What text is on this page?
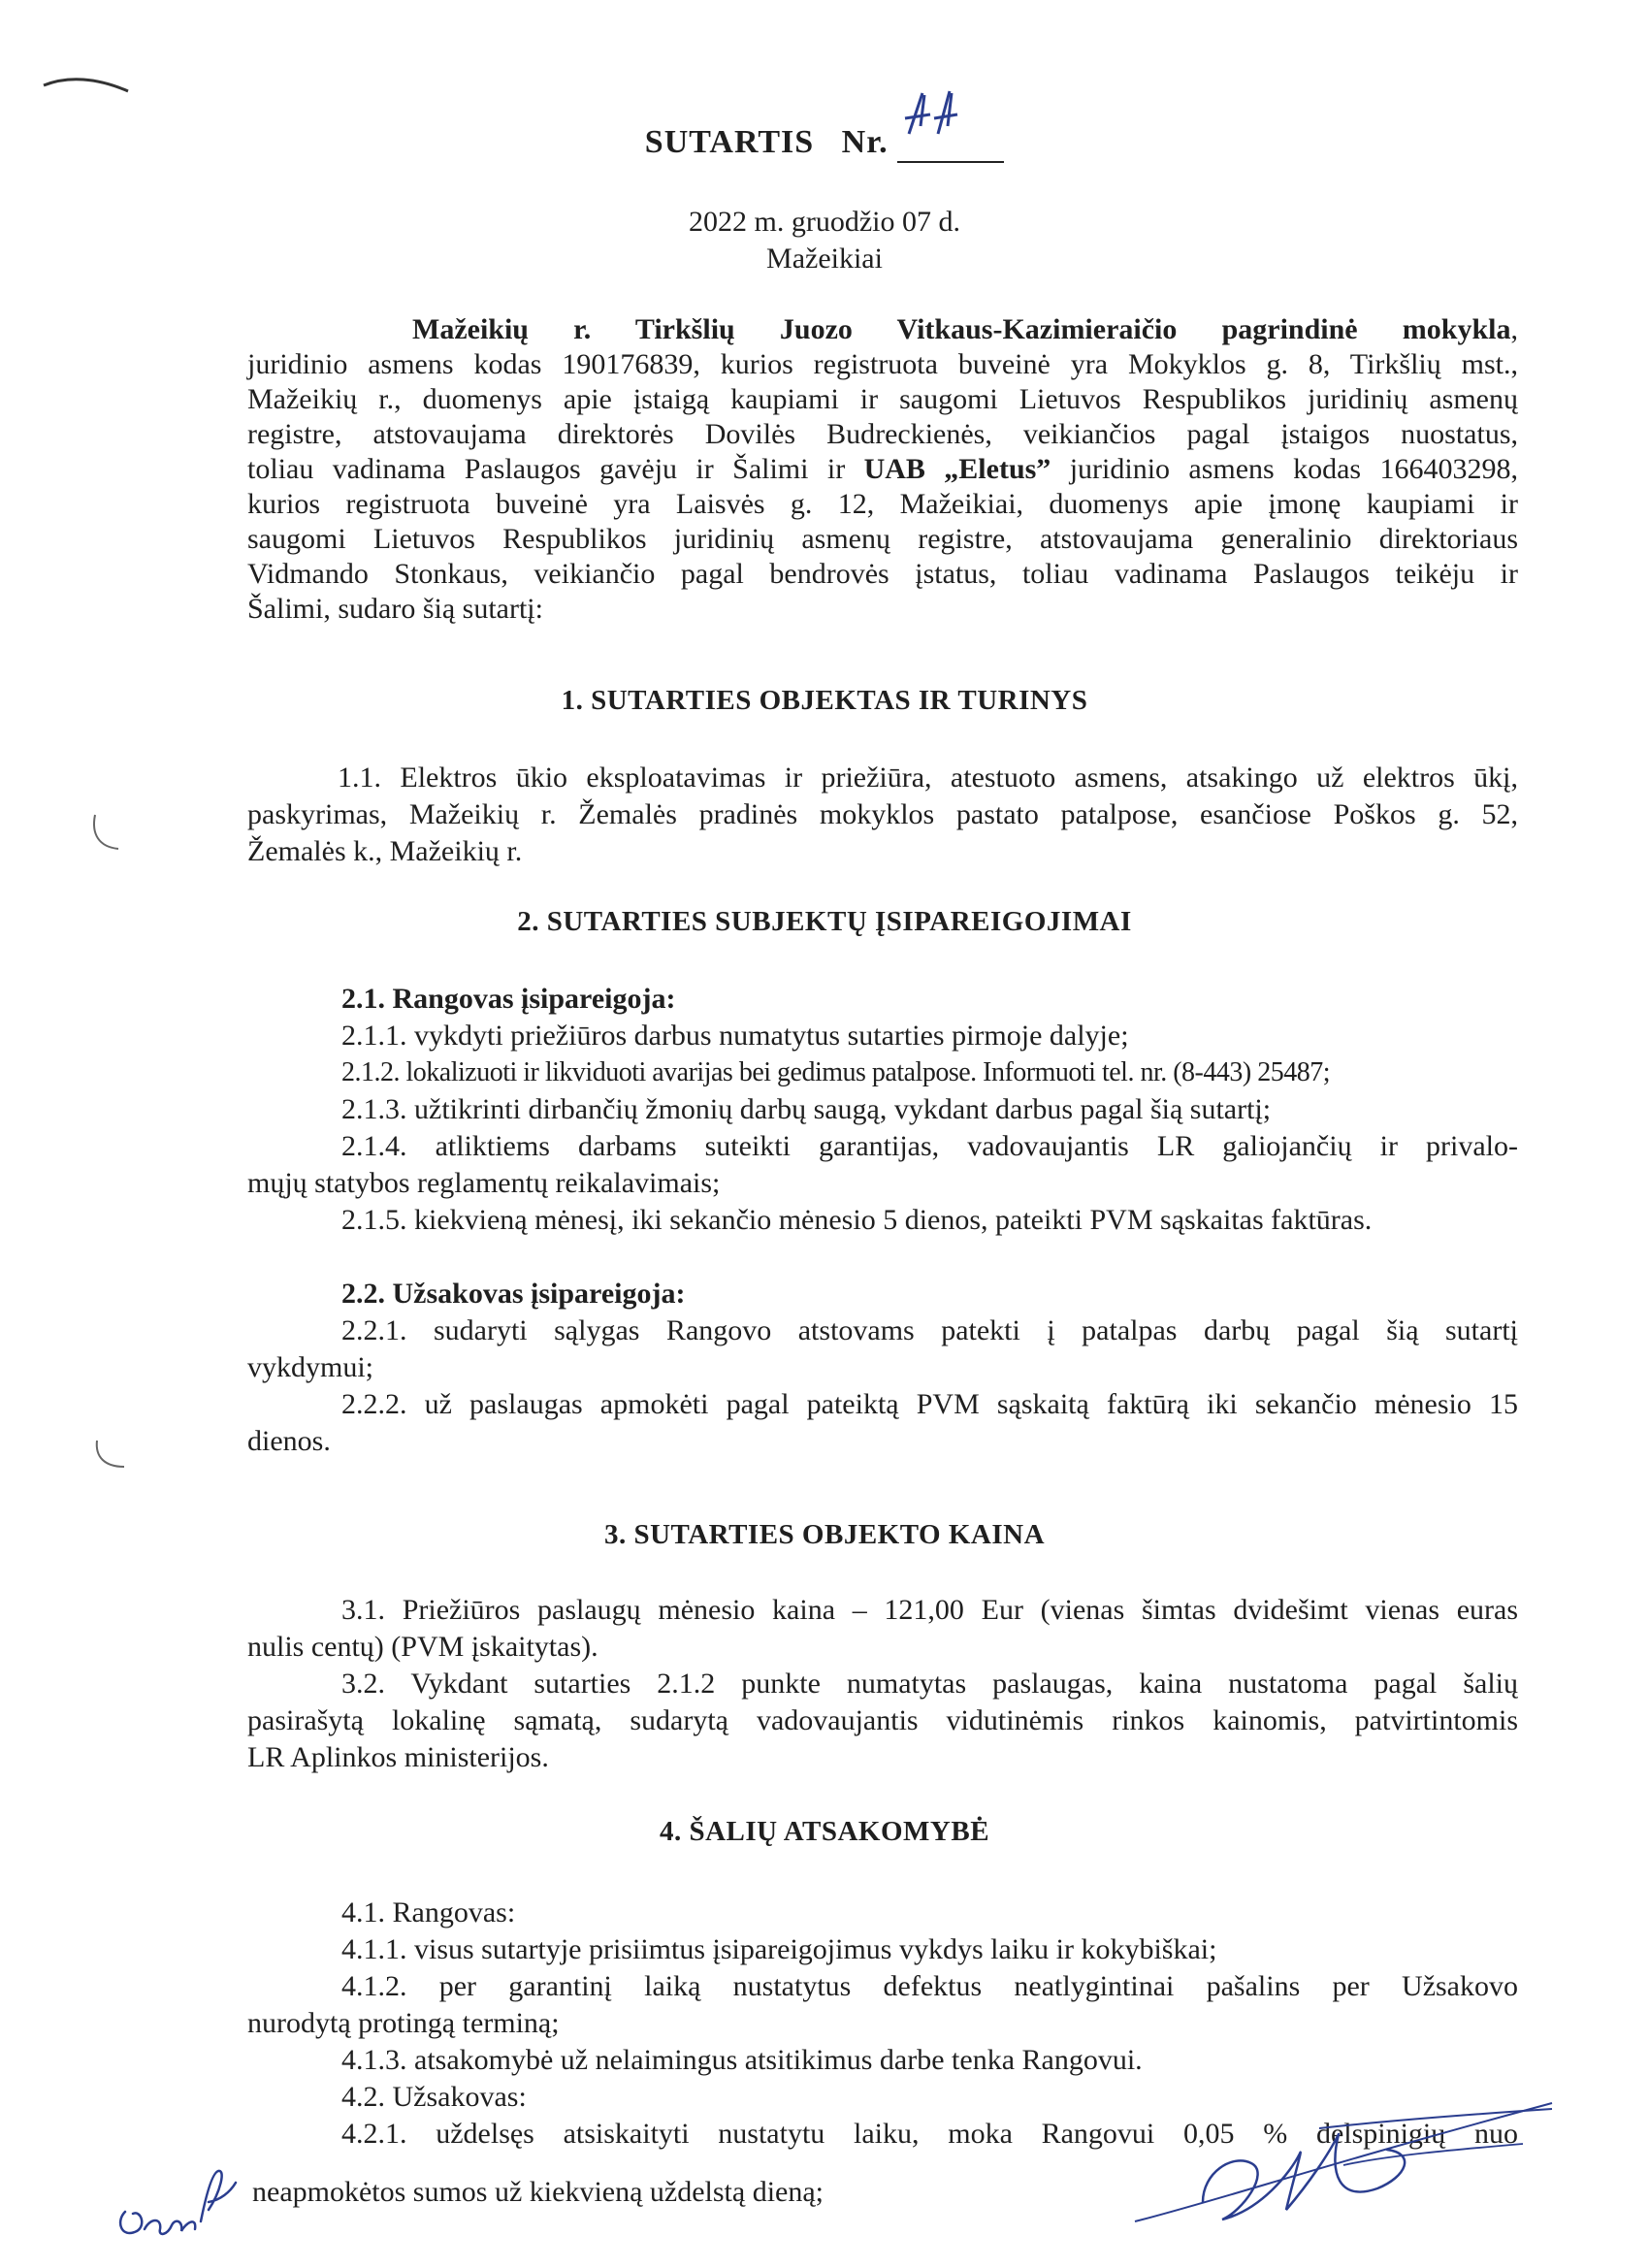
SUTARTIS Nr.

2022 m. gruodžio 07 d.
Mažeikiai
Mažeikių r. Tirkšlių Juozo Vitkaus-Kazimieraičio pagrindinė mokykla,
juridinio asmens kodas 190176839, kurios registruota buveinė yra Mokyklos g. 8, Tirkšlių mst.,
Mažeikių r., duomenys apie įstaigą kaupiami ir saugomi Lietuvos Respublikos juridinių asmenų
registre, atstovaujama direktorės Dovilės Budreckienės, veikiančios pagal įstaigos nuostatus,
toliau vadinama Paslaugos gavėju ir Šalimi ir UAB „Eletus” juridinio asmens kodas 166403298,
kurios registruota buveinė yra Laisvės g. 12, Mažeikiai, duomenys apie įmonę kaupiami ir
saugomi Lietuvos Respublikos juridinių asmenų registre, atstovaujama generalinio direktoriaus
Vidmando Stonkaus, veikiančio pagal bendrovės įstatus, toliau vadinama Paslaugos teikėju ir
Šalimi, sudaro šią sutartį:
1. SUTARTIES OBJEKTAS IR TURINYS
1.1. Elektros ūkio eksploatavimas ir priežiūra, atestuoto asmens, atsakingo už elektros ūkį,
paskyrimas, Mažeikių r. Žemalės pradinės mokyklos pastato patalpose, esančiose Poškos g. 52,
Žemalės k., Mažeikių r.
2. SUTARTIES SUBJEKTŲ ĮSIPAREIGOJIMAI
2.1. Rangovas įsipareigoja:
2.1.1. vykdyti priežiūros darbus numatytus sutarties pirmoje dalyje;
2.1.2. lokalizuoti ir likviduoti avarijas bei gedimus patalpose. Informuoti tel. nr. (8-443) 25487;
2.1.3. užtikrinti dirbančių žmonių darbų saugą, vykdant darbus pagal šią sutartį;
2.1.4. atliktiems darbams suteikti garantijas, vadovaujantis LR galiojančių ir privalo-
mųjų statybos reglamentų reikalavimais;
2.1.5. kiekvieną mėnesį, iki sekančio mėnesio 5 dienos, pateikti PVM sąskaitas faktūras.
2.2. Užsakovas įsipareigoja:
2.2.1. sudaryti sąlygas Rangovo atstovams patekti į patalpas darbų pagal šią sutartį
vykdymui;
2.2.2. už paslaugas apmokėti pagal pateiktą PVM sąskaitą faktūrą iki sekančio mėnesio 15
dienos.
3. SUTARTIES OBJEKTO KAINA
3.1. Priežiūros paslaugų mėnesio kaina – 121,00 Eur (vienas šimtas dvidešimt vienas euras
nulis centų) (PVM įskaitytas).
3.2. Vykdant sutarties 2.1.2 punkte numatytas paslaugas, kaina nustatoma pagal šalių
pasirašytą lokalinę sąmatą, sudarytą vadovaujantis vidutinėmis rinkos kainomis, patvirtintomis
LR Aplinkos ministerijos.
4. ŠALIŲ ATSAKOMYBĖ
4.1. Rangovas:
4.1.1. visus sutartyje prisiimtus įsipareigojimus vykdys laiku ir kokybiškai;
4.1.2. per garantinį laiką nustatytus defektus neatlygintinai pašalins per Užsakovo
nurodytą protingą terminą;
4.1.3. atsakomybė už nelaimingus atsitikimus darbe tenka Rangovui.
4.2. Užsakovas:
4.2.1. uždelsęs atsiskaityti nustatytu laiku, moka Rangovui 0,05 % delspinigių nuo
neapmokėtos sumos už kiekvieną uždelstą dieną;
